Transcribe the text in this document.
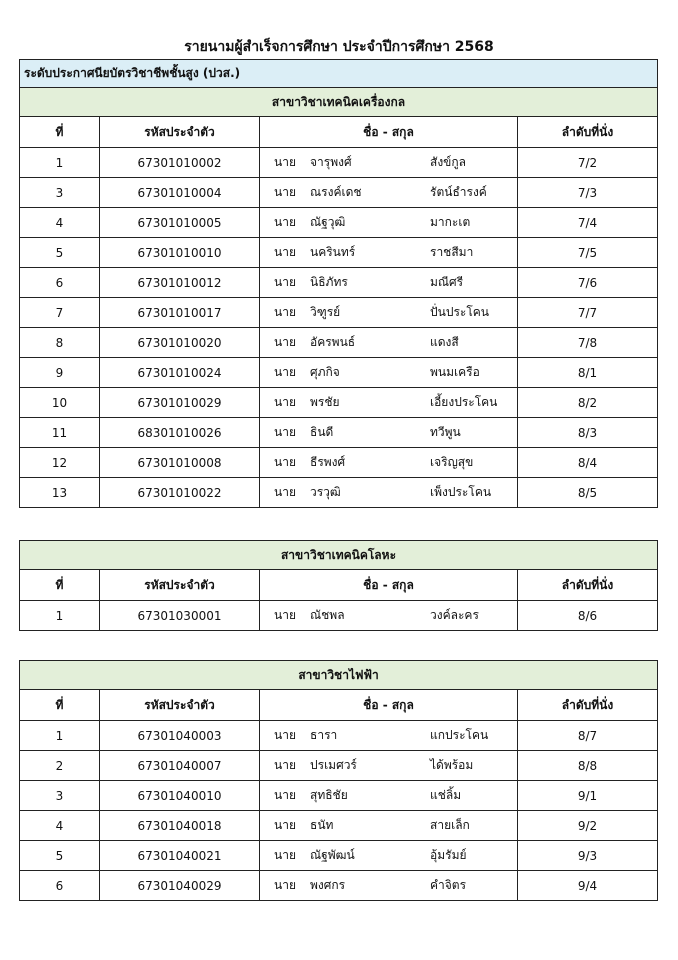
รายนามผู้สำเร็จการศึกษา ประจำปีการศึกษา 2568
ระดับประกาศนียบัตรวิชาชีพชั้นสูง (ปวส.)			
สาขาวิชาเทคนิคเครื่องกล			
ที่	รหัสประจำตัว	ชื่อ - สกุล	ลำดับที่นั่ง
1	67301010002	นาย จารุพงศ์ สังข์กูล	7/2
3	67301010004	นาย ณรงค์เดช รัตน์ธำรงค์	7/3
4	67301010005	นาย ณัฐวุฒิ มากะเต	7/4
5	67301010010	นาย นครินทร์ ราชสีมา	7/5
6	67301010012	นาย นิธิภัทร มณีศรี	7/6
7	67301010017	นาย วิฑูรย์ ปั่นประโคน	7/7
8	67301010020	นาย อัครพนธ์ แดงสี	7/8
9	67301010024	นาย ศุภกิจ พนมเครือ	8/1
10	67301010029	นาย พรชัย เอี้ยงประโคน	8/2
11	68301010026	นาย ธินดี ทวีพูน	8/3
12	67301010008	นาย ธีรพงศ์ เจริญสุข	8/4
13	67301010022	นาย วรวุฒิ เพ็งประโคน	8/5
สาขาวิชาเทคนิคโลหะ			
ที่	รหัสประจำตัว	ชื่อ - สกุล	ลำดับที่นั่ง
1	67301030001	นาย ณัชพล วงค์ละคร	8/6
สาขาวิชาไฟฟ้า			
ที่	รหัสประจำตัว	ชื่อ - สกุล	ลำดับที่นั่ง
1	67301040003	นาย ธารา แกประโคน	8/7
2	67301040007	นาย ปรเมศวร์ ได้พร้อม	8/8
3	67301040010	นาย สุทธิชัย แช่ลิ้ม	9/1
4	67301040018	นาย ธนัท สายเล็ก	9/2
5	67301040021	นาย ณัฐพัฒน์ อุ้มรัมย์	9/3
6	67301040029	นาย พงศกร คำจิตร	9/4
